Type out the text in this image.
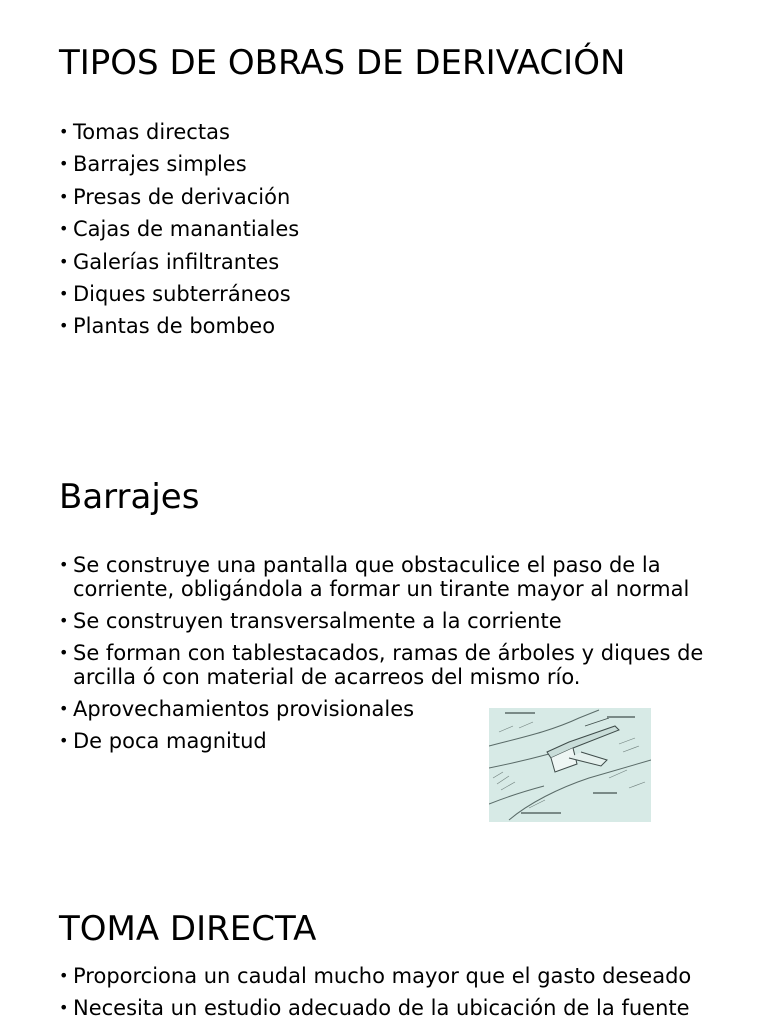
TIPOS DE OBRAS DE DERIVACIÓN
• Tomas directas
• Barrajes simples
• Presas de derivación
• Cajas de manantiales
• Galerías infiltrantes
• Diques subterráneos
• Plantas de bombeo
Barrajes
• Se construye una pantalla que obstaculice el paso de la corriente, obligándola a formar un tirante mayor al normal
• Se construyen transversalmente a la corriente
• Se forman con tablestacados, ramas de árboles y diques de arcilla ó con material de acarreos del mismo río.
• Aprovechamientos provisionales
• De poca magnitud
TOMA DIRECTA
• Proporciona un caudal mucho mayor que el gasto deseado
• Necesita un estudio adecuado de la ubicación de la fuente
